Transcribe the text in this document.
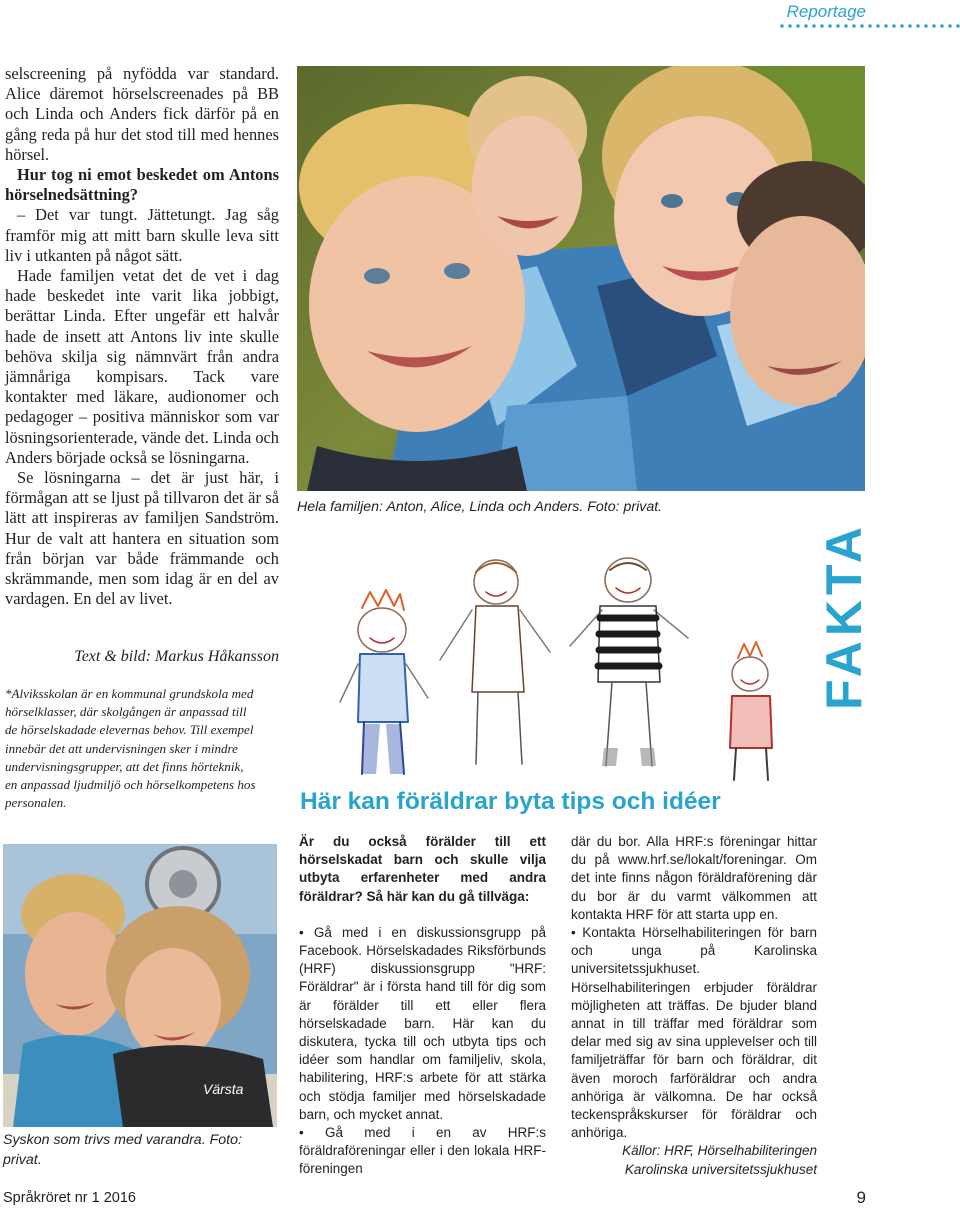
Reportage

selscreening på nyfödda var standard. Alice däremot hörselscreenades på BB och Linda och Anders fick därför på en gång reda på hur det stod till med hennes hörsel.

Hur tog ni emot beskedet om Antons hörselnedsättning?

– Det var tungt. Jättetungt. Jag såg framför mig att mitt barn skulle leva sitt liv i utkanten på något sätt.

Hade familjen vetat det de vet i dag hade beskedet inte varit lika jobbigt, berättar Linda. Efter ungefär ett halvår hade de insett att Antons liv inte skulle behöva skilja sig nämnvärt från andra jämnåriga kompisars. Tack vare kontakter med läkare, audionomer och pedagoger – positiva människor som var lösningsorienterade, vände det. Linda och Anders började också se lösningarna.

Se lösningarna – det är just här, i förmågan att se ljust på tillvaron det är så lätt att inspireras av familjen Sandström. Hur de valt att hantera en situation som från början var både främmande och skrämmande, men som idag är en del av vardagen. En del av livet.

Text & bild: Markus Håkansson

*Alviksskolan är en kommunal grundskola med hörselklasser, där skolgången är anpassad till de hörselskadade elevernas behov. Till exempel innebär det att undervisningen sker i mindre undervisningsgrupper, att det finns hörteknik, en anpassad ljudmiljö och hörselkompetens hos personalen.

Hela familjen: Anton, Alice, Linda och Anders. Foto: privat.
FAKTA
Här kan föräldrar byta tips och idéer

Är du också förälder till ett hörselskadat barn och skulle vilja utbyta erfarenheter med andra föräldrar? Så här kan du gå tillväga:

• Gå med i en diskussionsgrupp på Facebook. Hörselskadades Riksförbunds (HRF) diskussionsgrupp "HRF: Föräldrar" är i första hand till för dig som är förälder till ett eller flera hörselskadade barn. Här kan du diskutera, tycka till och utbyta tips och idéer som handlar om familjeliv, skola, habilitering, HRF:s arbete för att stärka och stödja familjer med hörselskadade barn, och mycket annat.

• Gå med i en av HRF:s föräldraföreningar eller i den lokala HRF-föreningen

där du bor. Alla HRF:s föreningar hittar du på www.hrf.se/lokalt/foreningar. Om det inte finns någon föräldraförening där du bor är du varmt välkommen att kontakta HRF för att starta upp en.

• Kontakta Hörselhabiliteringen för barn och unga på Karolinska universitetssjukhuset. Hörselhabiliteringen erbjuder föräldrar möjligheten att träffas. De bjuder bland annat in till träffar med föräldrar som delar med sig av sina upplevelser och till familjeträffar för barn och föräldrar, dit även moroch farföräldrar och andra anhöriga är välkomna. De har också teckenspråkskurser för föräldrar och anhöriga.

Källor: HRF, Hörselhabiliteringen Karolinska universitetssjukhuset

Värsta
Syskon som trivs med varandra. Foto: privat.
Språkröret nr 1 2016	9
